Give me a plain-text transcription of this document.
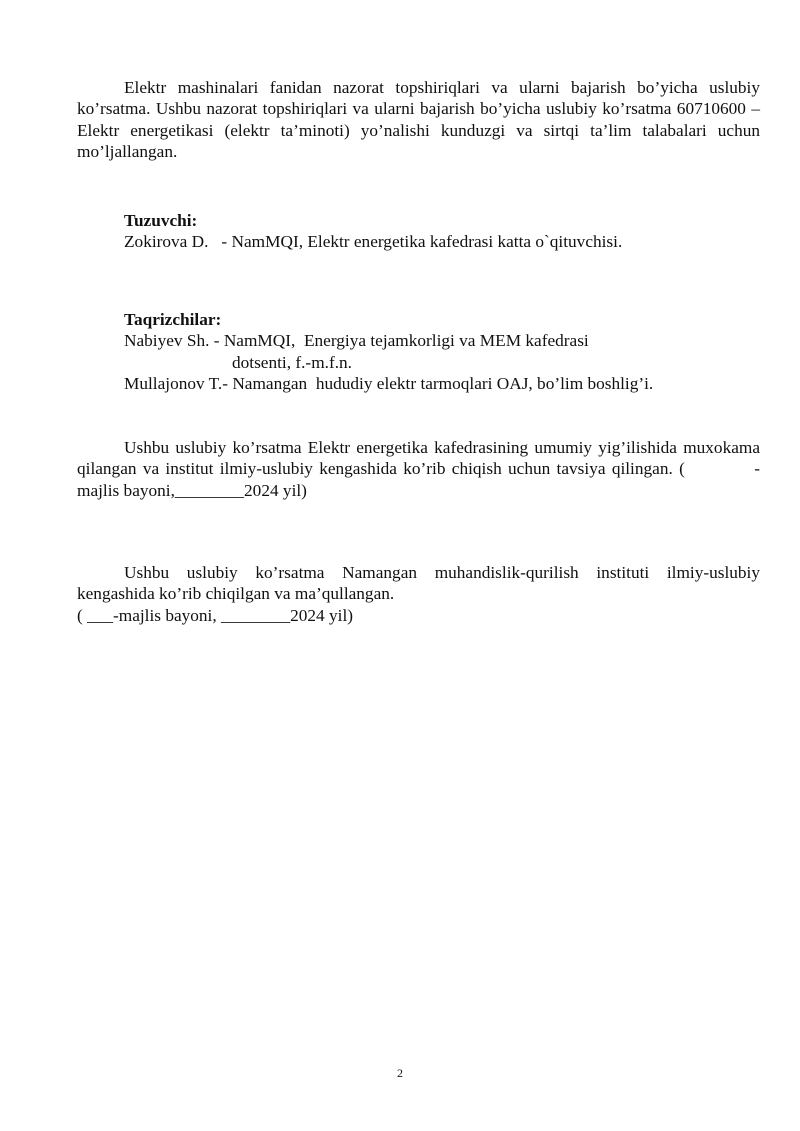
Elektr mashinalari fanidan nazorat topshiriqlari va ularni bajarish bo’yicha uslubiy ko’rsatma. Ushbu nazorat topshiriqlari va ularni bajarish bo’yicha uslubiy ko’rsatma 60710600 –Elektr energetikasi (elektr ta’minoti) yo’nalishi kunduzgi va sirtqi ta’lim talabalari uchun mo’ljallangan.
Tuzuvchi:
Zokirova D.   - NamMQI, Elektr energetika kafedrasi katta o`qituvchisi.
Taqrizchilar:
Nabiyev Sh. - NamMQI,  Energiya tejamkorligi va MEM kafedrasi
dotsenti, f.-m.f.n.
Mullajonov T.- Namangan  hududiy elektr tarmoqlari OAJ, bo’lim boshlig’i.
Ushbu uslubiy ko’rsatma Elektr energetika kafedrasining umumiy yig’ilishida muxokama qilangan va institut ilmiy-uslubiy kengashida ko’rib chiqish uchun tavsiya qilingan. (           -majlis bayoni,________2024 yil)
Ushbu uslubiy ko’rsatma Namangan muhandislik-qurilish instituti ilmiy-uslubiy kengashida ko’rib chiqilgan va ma’qullangan.
( ___-majlis bayoni, ________2024 yil)
2
